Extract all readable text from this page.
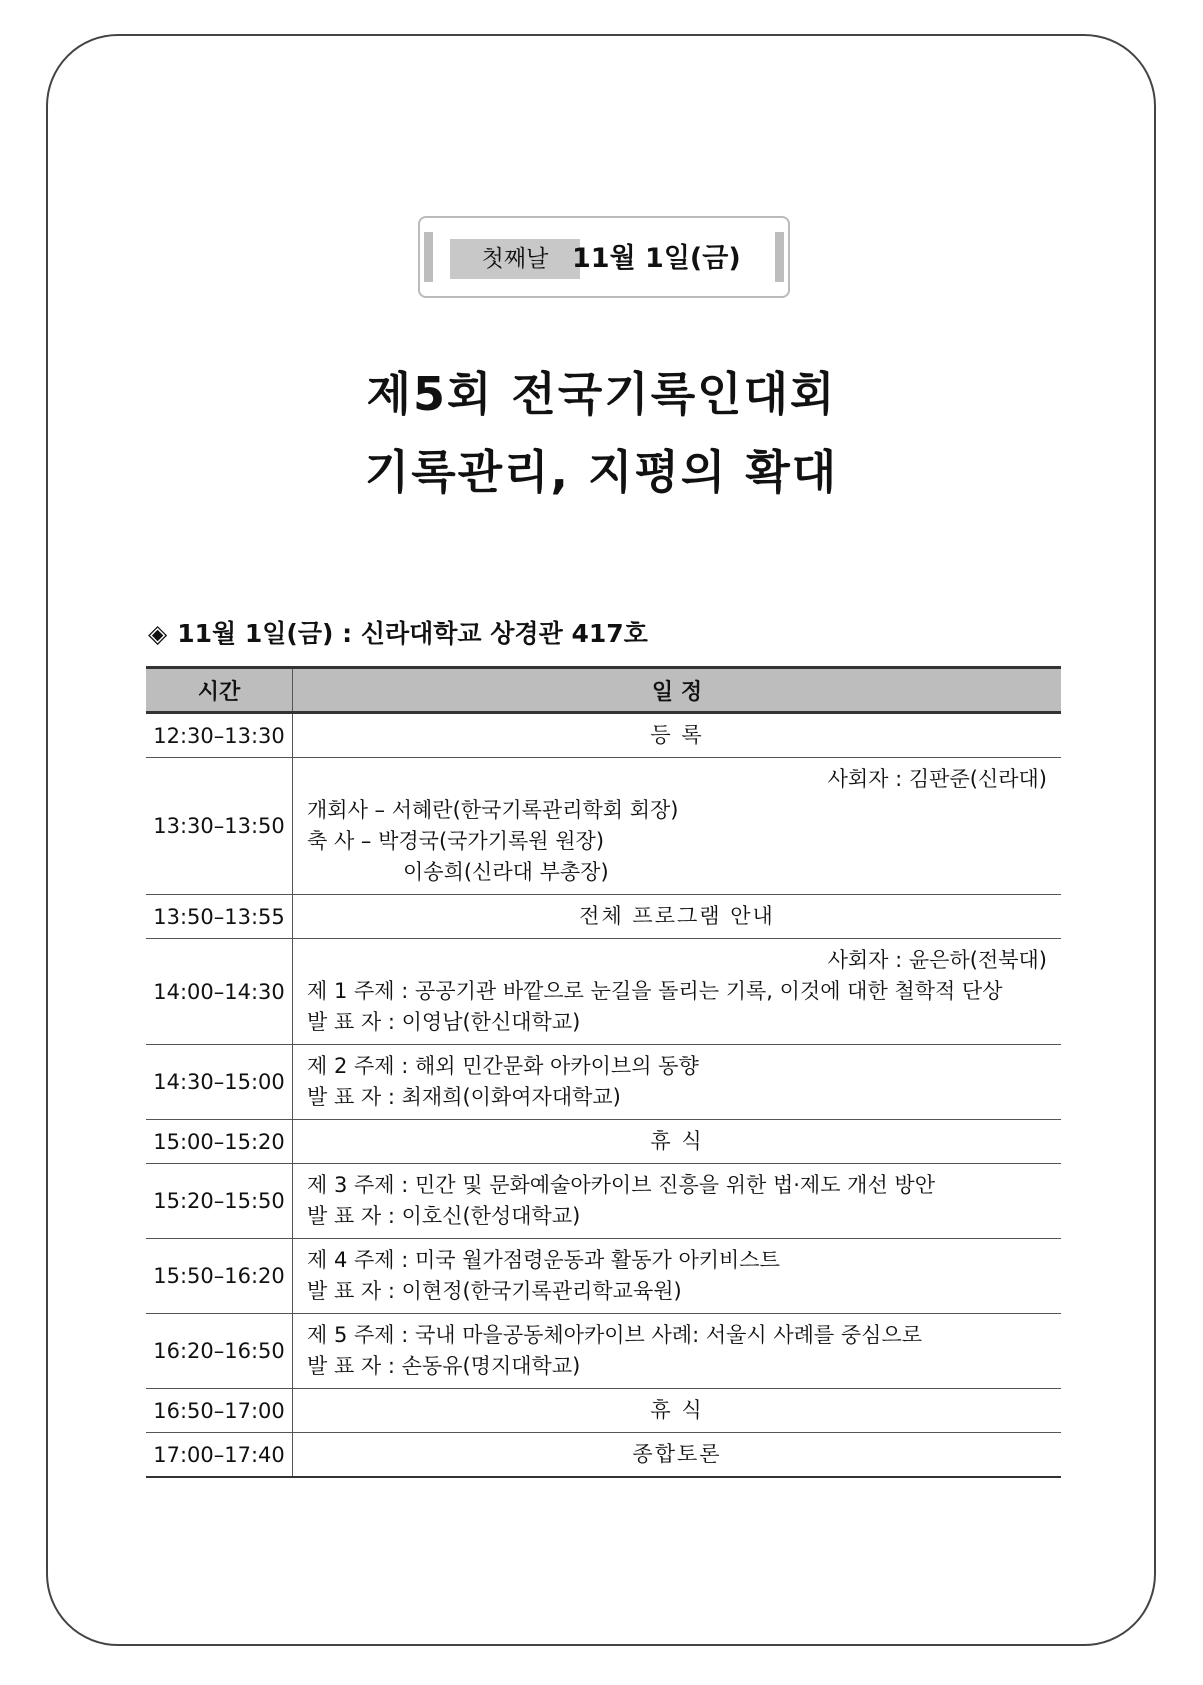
첫째날 11월 1일(금)
제5회 전국기록인대회
기록관리, 지평의 확대
◈ 11월 1일(금) : 신라대학교 상경관 417호
시간	일 정
12:30–13:30	등 록
13:30–13:50	사회자 : 김판준(신라대)
개회사 – 서혜란(한국기록관리학회 회장)
축 사 – 박경국(국가기록원 원장)
이송희(신라대 부총장)

13:50–13:55	전체 프로그램 안내
14:00–14:30	사회자 : 윤은하(전북대)
제 1 주제 : 공공기관 바깥으로 눈길을 돌리는 기록, 이것에 대한 철학적 단상
발 표 자 : 이영남(한신대학교)

14:30–15:00	제 2 주제 : 해외 민간문화 아카이브의 동향
발 표 자 : 최재희(이화여자대학교)

15:00–15:20	휴 식
15:20–15:50	제 3 주제 : 민간 및 문화예술아카이브 진흥을 위한 법·제도 개선 방안
발 표 자 : 이호신(한성대학교)

15:50–16:20	제 4 주제 : 미국 월가점령운동과 활동가 아키비스트
발 표 자 : 이현정(한국기록관리학교육원)

16:20–16:50	제 5 주제 : 국내 마을공동체아카이브 사례: 서울시 사례를 중심으로
발 표 자 : 손동유(명지대학교)

16:50–17:00	휴 식
17:00–17:40	종합토론
